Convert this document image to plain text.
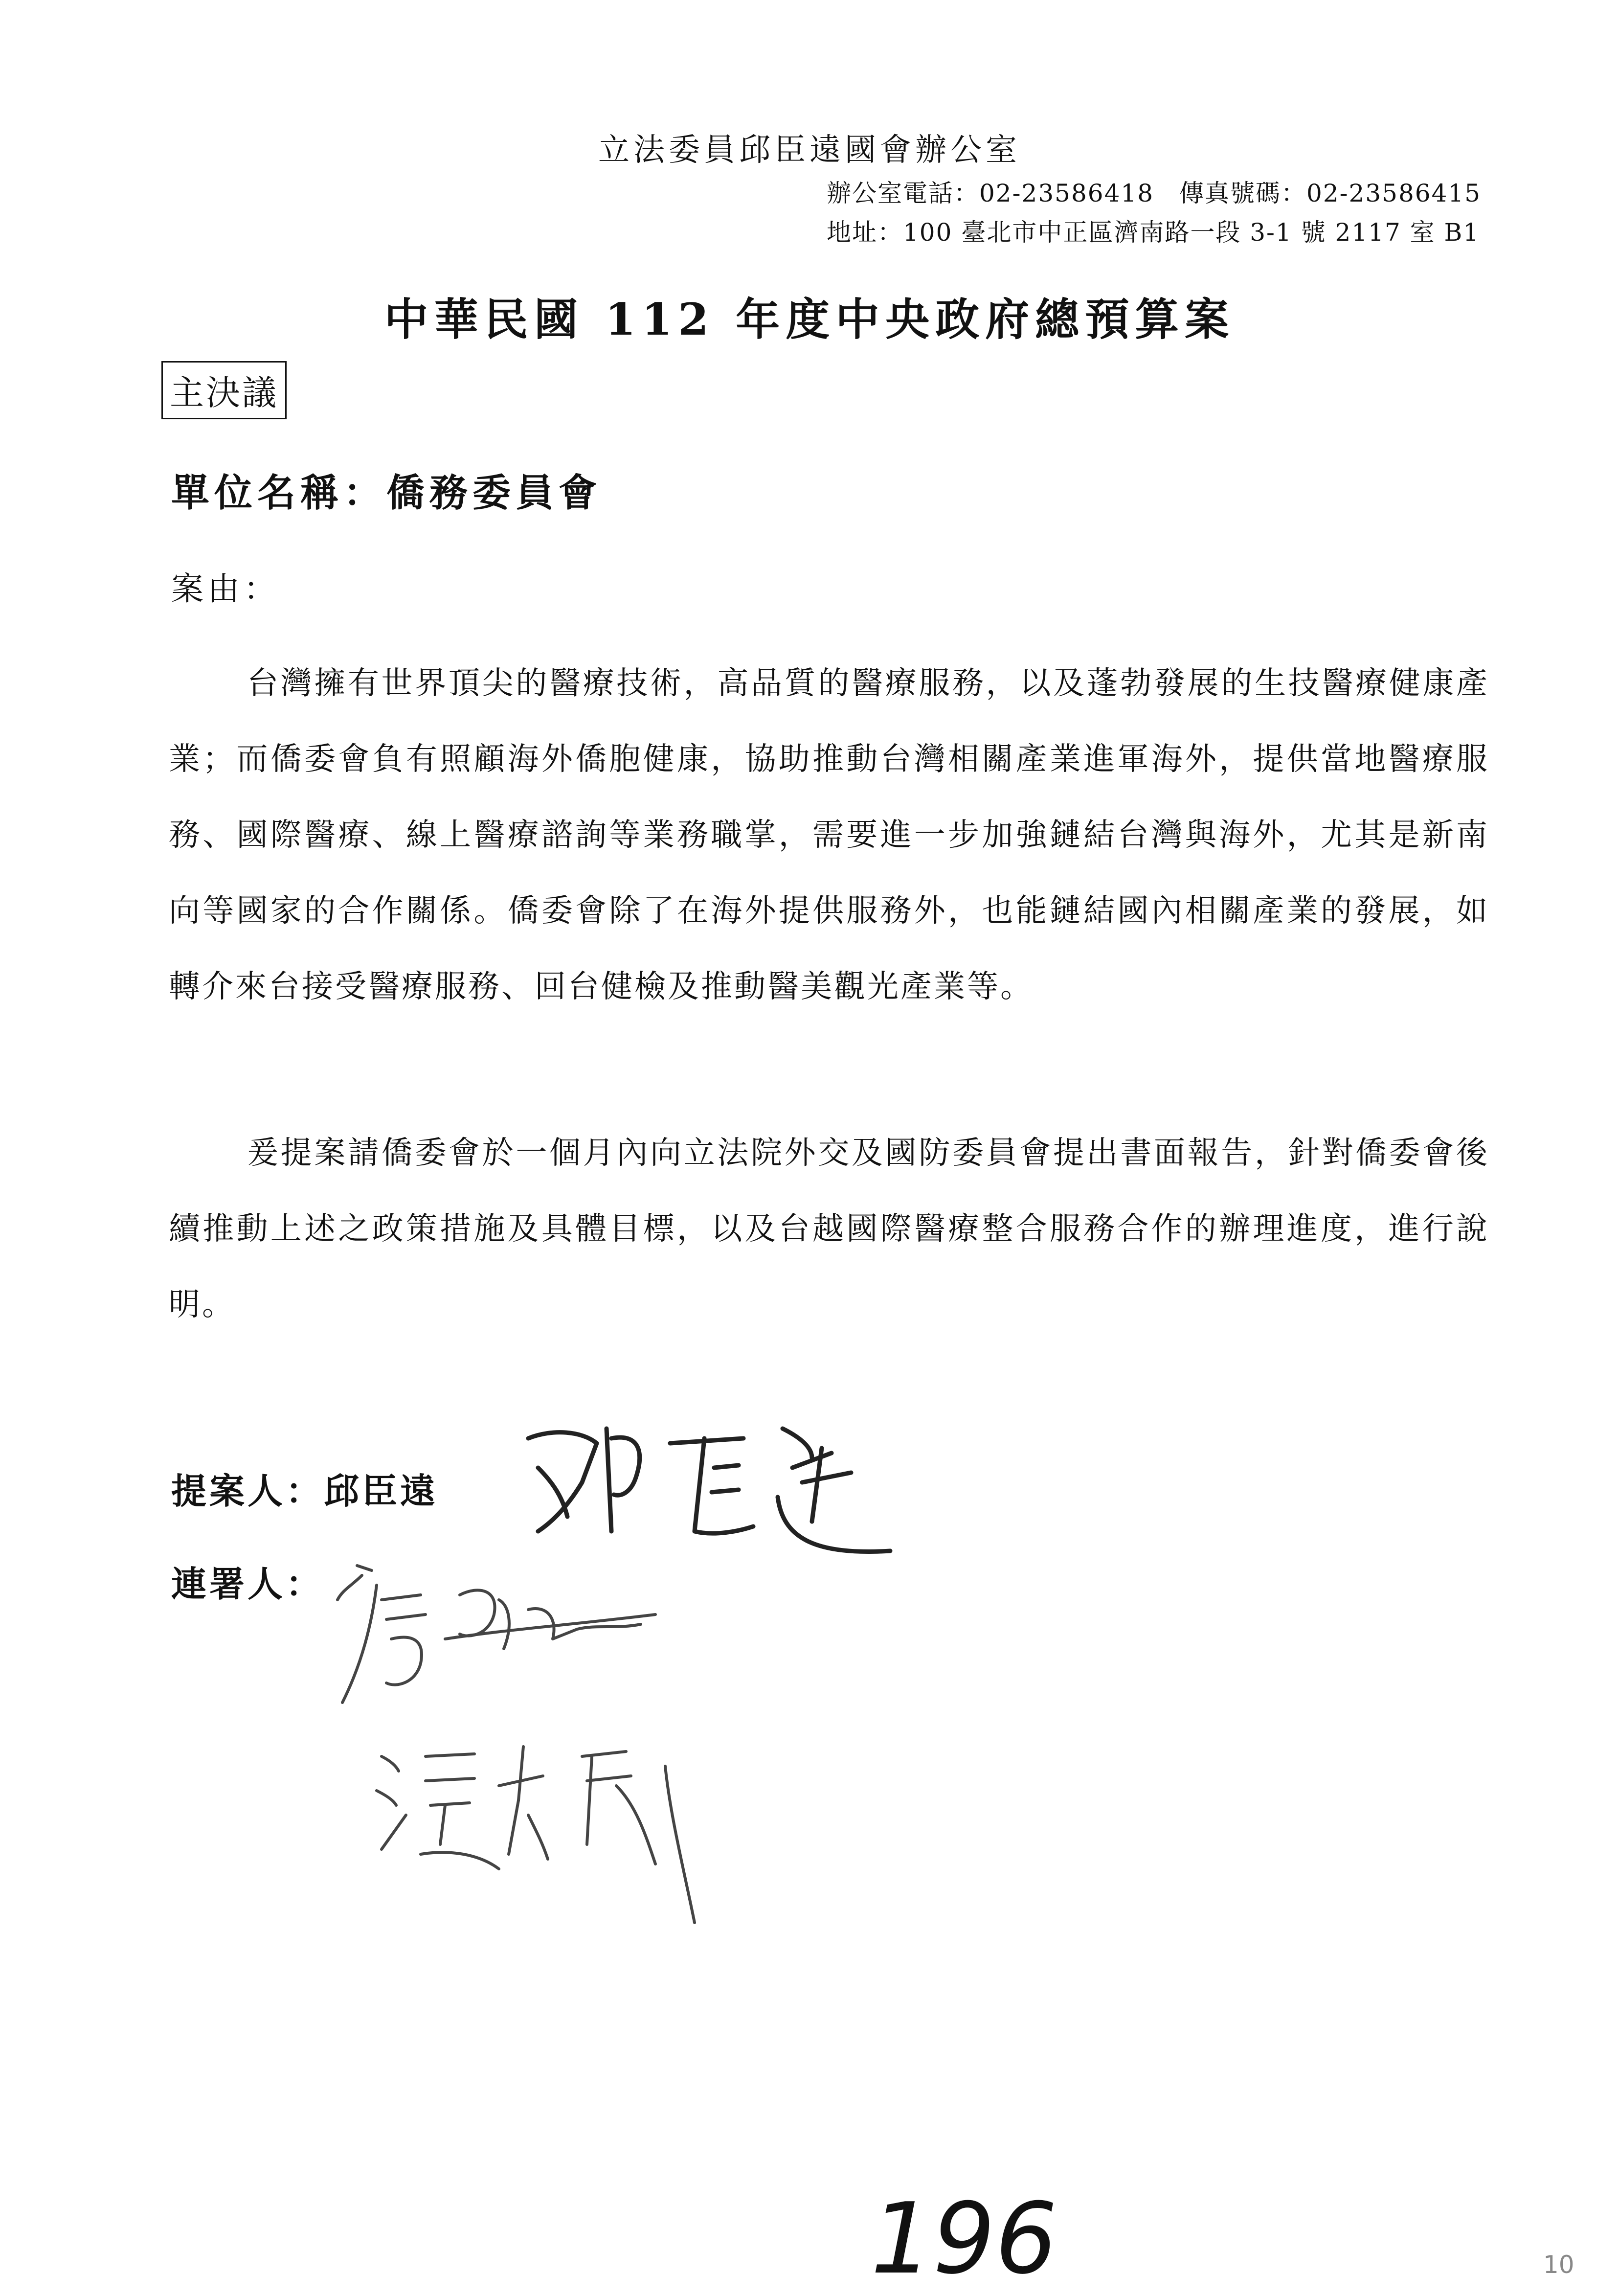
立法委員邱臣遠國會辦公室
辦公室電話：02-23586418　傳真號碼：02-23586415
地址：100 臺北市中正區濟南路一段 3-1 號 2117 室 B1
中華民國 112 年度中央政府總預算案
主決議
單位名稱：僑務委員會
案由：
台灣擁有世界頂尖的醫療技術，高品質的醫療服務，以及蓬勃發展的生技醫療健康產業；而僑委會負有照顧海外僑胞健康，協助推動台灣相關產業進軍海外，提供當地醫療服務、國際醫療、線上醫療諮詢等業務職掌，需要進一步加強鏈結台灣與海外，尤其是新南向等國家的合作關係。僑委會除了在海外提供服務外，也能鏈結國內相關產業的發展，如轉介來台接受醫療服務、回台健檢及推動醫美觀光產業等。
爰提案請僑委會於一個月內向立法院外交及國防委員會提出書面報告，針對僑委會後續推動上述之政策措施及具體目標，以及台越國際醫療整合服務合作的辦理進度，進行說明。
提案人：邱臣遠
連署人：
196	10
